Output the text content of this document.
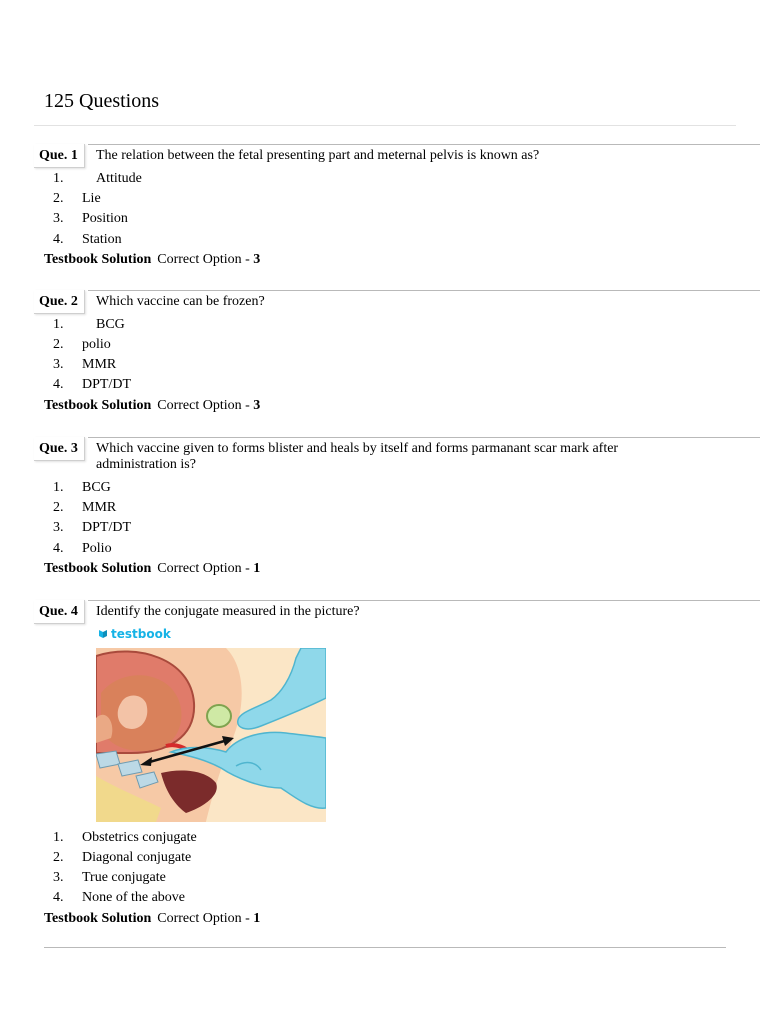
125 Questions
Que. 1 The relation between the fetal presenting part and meternal pelvis is known as?
1. Attitude
2. Lie
3. Position
4. Station
Testbook Solution Correct Option - 3
Que. 2 Which vaccine can be frozen?
1. BCG
2. polio
3. MMR
4. DPT/DT
Testbook Solution Correct Option - 3
Que. 3 Which vaccine given to forms blister and heals by itself and forms parmanant scar mark after administration is?
1. BCG
2. MMR
3. DPT/DT
4. Polio
Testbook Solution Correct Option - 1
Que. 4 Identify the conjugate measured in the picture?
1. Obstetrics conjugate
2. Diagonal conjugate
3. True conjugate
4. None of the above
Testbook Solution Correct Option - 1
testbook
